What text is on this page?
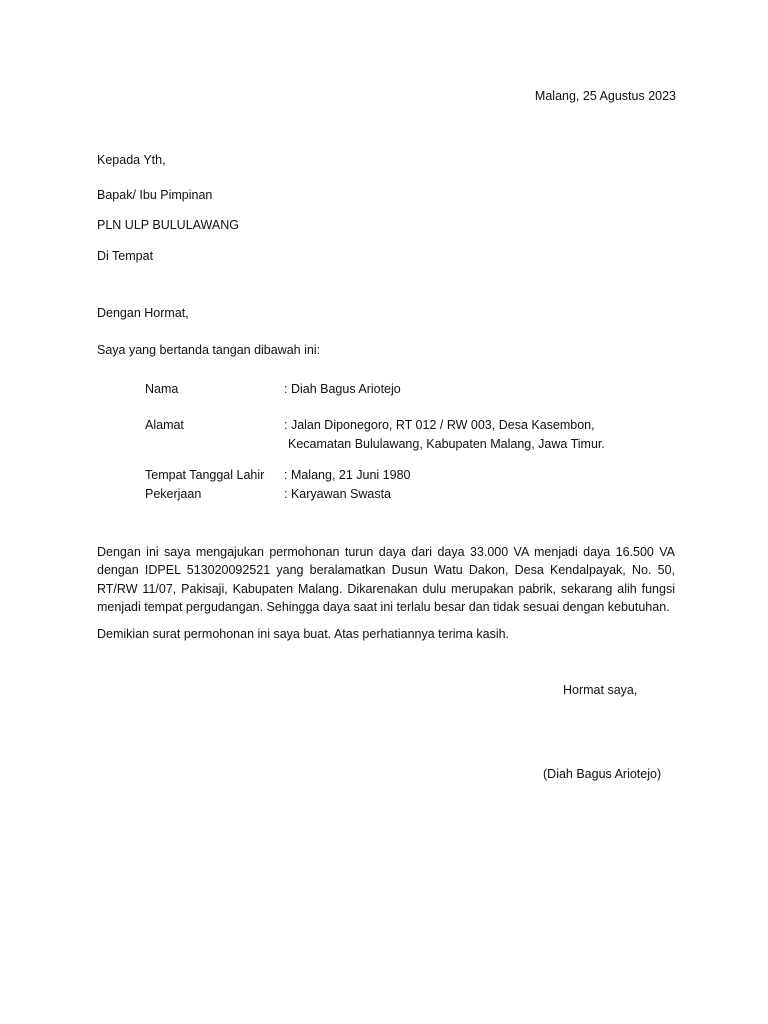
Malang, 25 Agustus 2023
Kepada Yth,
Bapak/ Ibu Pimpinan
PLN ULP BULULAWANG
Di Tempat
Dengan Hormat,
Saya yang bertanda tangan dibawah ini:
Nama	: Diah Bagus Ariotejo
Alamat	: Jalan Diponegoro, RT 012 / RW 003, Desa Kasembon,
Kecamatan Bululawang, Kabupaten Malang, Jawa Timur.
Tempat Tanggal Lahir : Malang, 21 Juni 1980
Pekerjaan	: Karyawan Swasta
Dengan ini saya mengajukan permohonan turun daya dari daya 33.000 VA menjadi daya 16.500 VA dengan IDPEL 513020092521 yang beralamatkan Dusun Watu Dakon, Desa Kendalpayak, No. 50, RT/RW 11/07, Pakisaji, Kabupaten Malang. Dikarenakan dulu merupakan pabrik, sekarang alih fungsi menjadi tempat pergudangan. Sehingga daya saat ini terlalu besar dan tidak sesuai dengan kebutuhan.
Demikian surat permohonan ini saya buat. Atas perhatiannya terima kasih.
Hormat saya,
(Diah Bagus Ariotejo)
